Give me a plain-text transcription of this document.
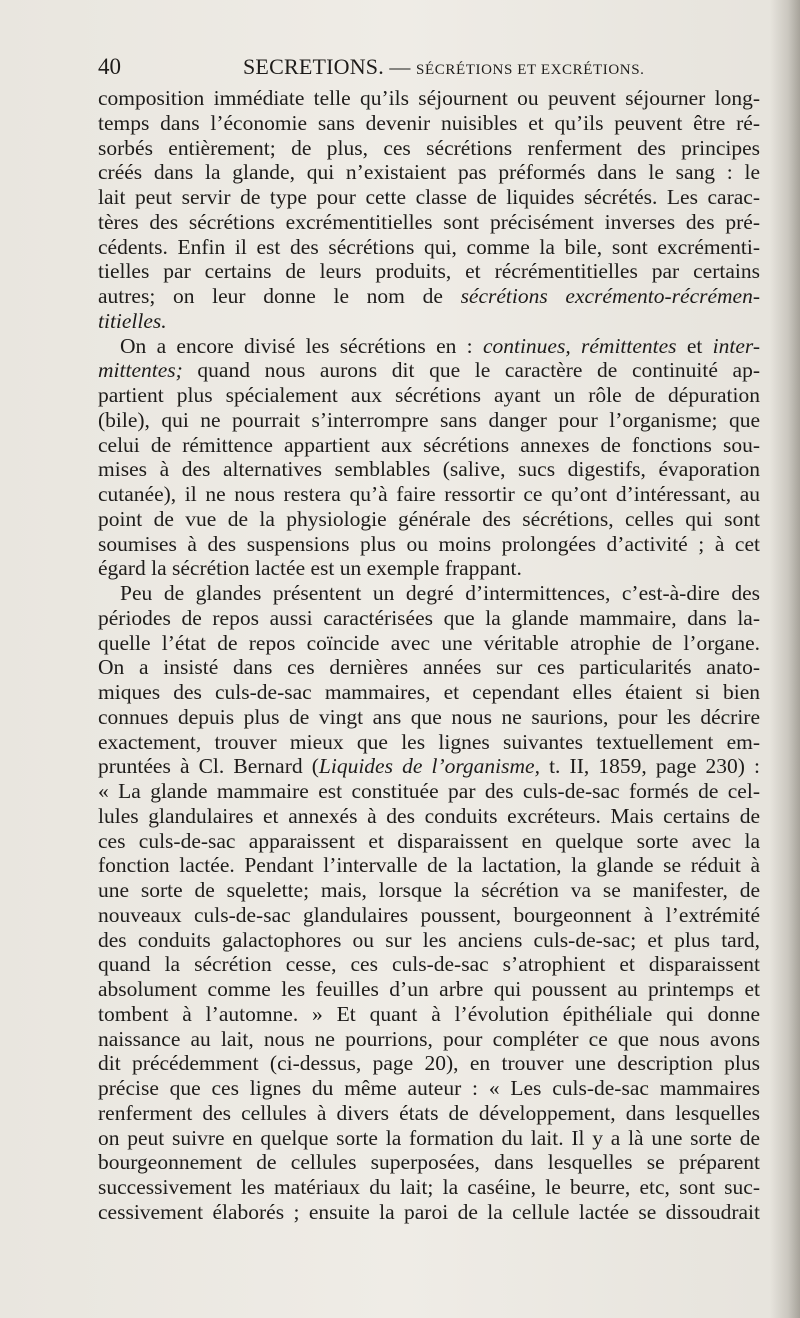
40	SECRETIONS. — SÉCRÉTIONS ET EXCRÉTIONS.
composition immédiate telle qu’ils séjournent ou peuvent séjourner long-
temps dans l’économie sans devenir nuisibles et qu’ils peuvent être ré-
sorbés entièrement; de plus, ces sécrétions renferment des principes
créés dans la glande, qui n’existaient pas préformés dans le sang : le
lait peut servir de type pour cette classe de liquides sécrétés. Les carac-
tères des sécrétions excrémentitielles sont précisément inverses des pré-
cédents. Enfin il est des sécrétions qui, comme la bile, sont excrémenti-
tielles par certains de leurs produits, et récrémentitielles par certains
autres; on leur donne le nom de sécrétions excrémento-récrémen-
titielles.
On a encore divisé les sécrétions en : continues, rémittentes et inter-
mittentes; quand nous aurons dit que le caractère de continuité ap-
partient plus spécialement aux sécrétions ayant un rôle de dépuration
(bile), qui ne pourrait s’interrompre sans danger pour l’organisme; que
celui de rémittence appartient aux sécrétions annexes de fonctions sou-
mises à des alternatives semblables (salive, sucs digestifs, évaporation
cutanée), il ne nous restera qu’à faire ressortir ce qu’ont d’intéressant, au
point de vue de la physiologie générale des sécrétions, celles qui sont
soumises à des suspensions plus ou moins prolongées d’activité ; à cet
égard la sécrétion lactée est un exemple frappant.
Peu de glandes présentent un degré d’intermittences, c’est-à-dire des
périodes de repos aussi caractérisées que la glande mammaire, dans la-
quelle l’état de repos coïncide avec une véritable atrophie de l’organe.
On a insisté dans ces dernières années sur ces particularités anato-
miques des culs-de-sac mammaires, et cependant elles étaient si bien
connues depuis plus de vingt ans que nous ne saurions, pour les décrire
exactement, trouver mieux que les lignes suivantes textuellement em-
pruntées à Cl. Bernard (Liquides de l’organisme, t. II, 1859, page 230) :
« La glande mammaire est constituée par des culs-de-sac formés de cel-
lules glandulaires et annexés à des conduits excréteurs. Mais certains de
ces culs-de-sac apparaissent et disparaissent en quelque sorte avec la
fonction lactée. Pendant l’intervalle de la lactation, la glande se réduit à
une sorte de squelette; mais, lorsque la sécrétion va se manifester, de
nouveaux culs-de-sac glandulaires poussent, bourgeonnent à l’extrémité
des conduits galactophores ou sur les anciens culs-de-sac; et plus tard,
quand la sécrétion cesse, ces culs-de-sac s’atrophient et disparaissent
absolument comme les feuilles d’un arbre qui poussent au printemps et
tombent à l’automne. » Et quant à l’évolution épithéliale qui donne
naissance au lait, nous ne pourrions, pour compléter ce que nous avons
dit précédemment (ci-dessus, page 20), en trouver une description plus
précise que ces lignes du même auteur : « Les culs-de-sac mammaires
renferment des cellules à divers états de développement, dans lesquelles
on peut suivre en quelque sorte la formation du lait. Il y a là une sorte de
bourgeonnement de cellules superposées, dans lesquelles se préparent
successivement les matériaux du lait; la caséine, le beurre, etc, sont suc-
cessivement élaborés ; ensuite la paroi de la cellule lactée se dissoudrait
